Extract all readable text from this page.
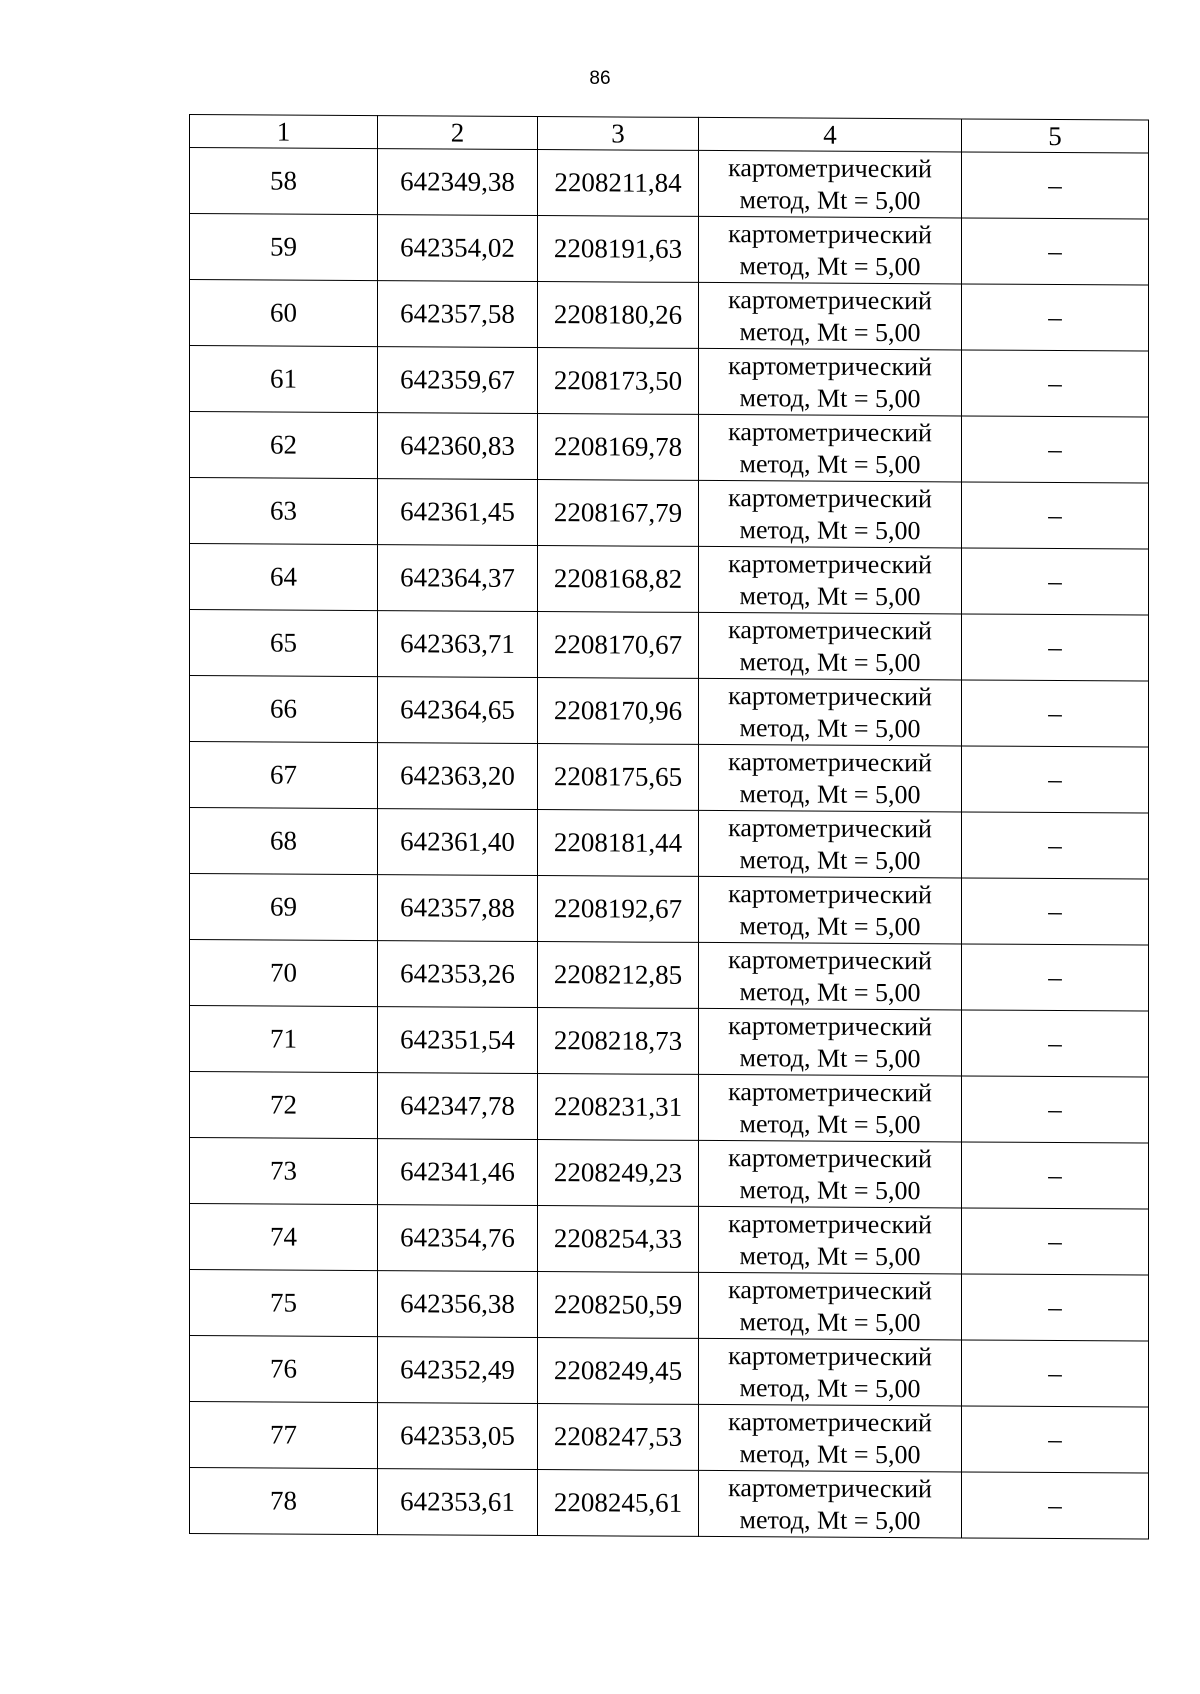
86
1	2	3	4	5
58	642349,38	2208211,84	картометрический
метод, Mt = 5,00	–
59	642354,02	2208191,63	картометрический
метод, Mt = 5,00	–
60	642357,58	2208180,26	картометрический
метод, Mt = 5,00	–
61	642359,67	2208173,50	картометрический
метод, Mt = 5,00	–
62	642360,83	2208169,78	картометрический
метод, Mt = 5,00	–
63	642361,45	2208167,79	картометрический
метод, Mt = 5,00	–
64	642364,37	2208168,82	картометрический
метод, Mt = 5,00	–
65	642363,71	2208170,67	картометрический
метод, Mt = 5,00	–
66	642364,65	2208170,96	картометрический
метод, Mt = 5,00	–
67	642363,20	2208175,65	картометрический
метод, Mt = 5,00	–
68	642361,40	2208181,44	картометрический
метод, Mt = 5,00	–
69	642357,88	2208192,67	картометрический
метод, Mt = 5,00	–
70	642353,26	2208212,85	картометрический
метод, Mt = 5,00	–
71	642351,54	2208218,73	картометрический
метод, Mt = 5,00	–
72	642347,78	2208231,31	картометрический
метод, Mt = 5,00	–
73	642341,46	2208249,23	картометрический
метод, Mt = 5,00	–
74	642354,76	2208254,33	картометрический
метод, Mt = 5,00	–
75	642356,38	2208250,59	картометрический
метод, Mt = 5,00	–
76	642352,49	2208249,45	картометрический
метод, Mt = 5,00	–
77	642353,05	2208247,53	картометрический
метод, Mt = 5,00	–
78	642353,61	2208245,61	картометрический
метод, Mt = 5,00	–
